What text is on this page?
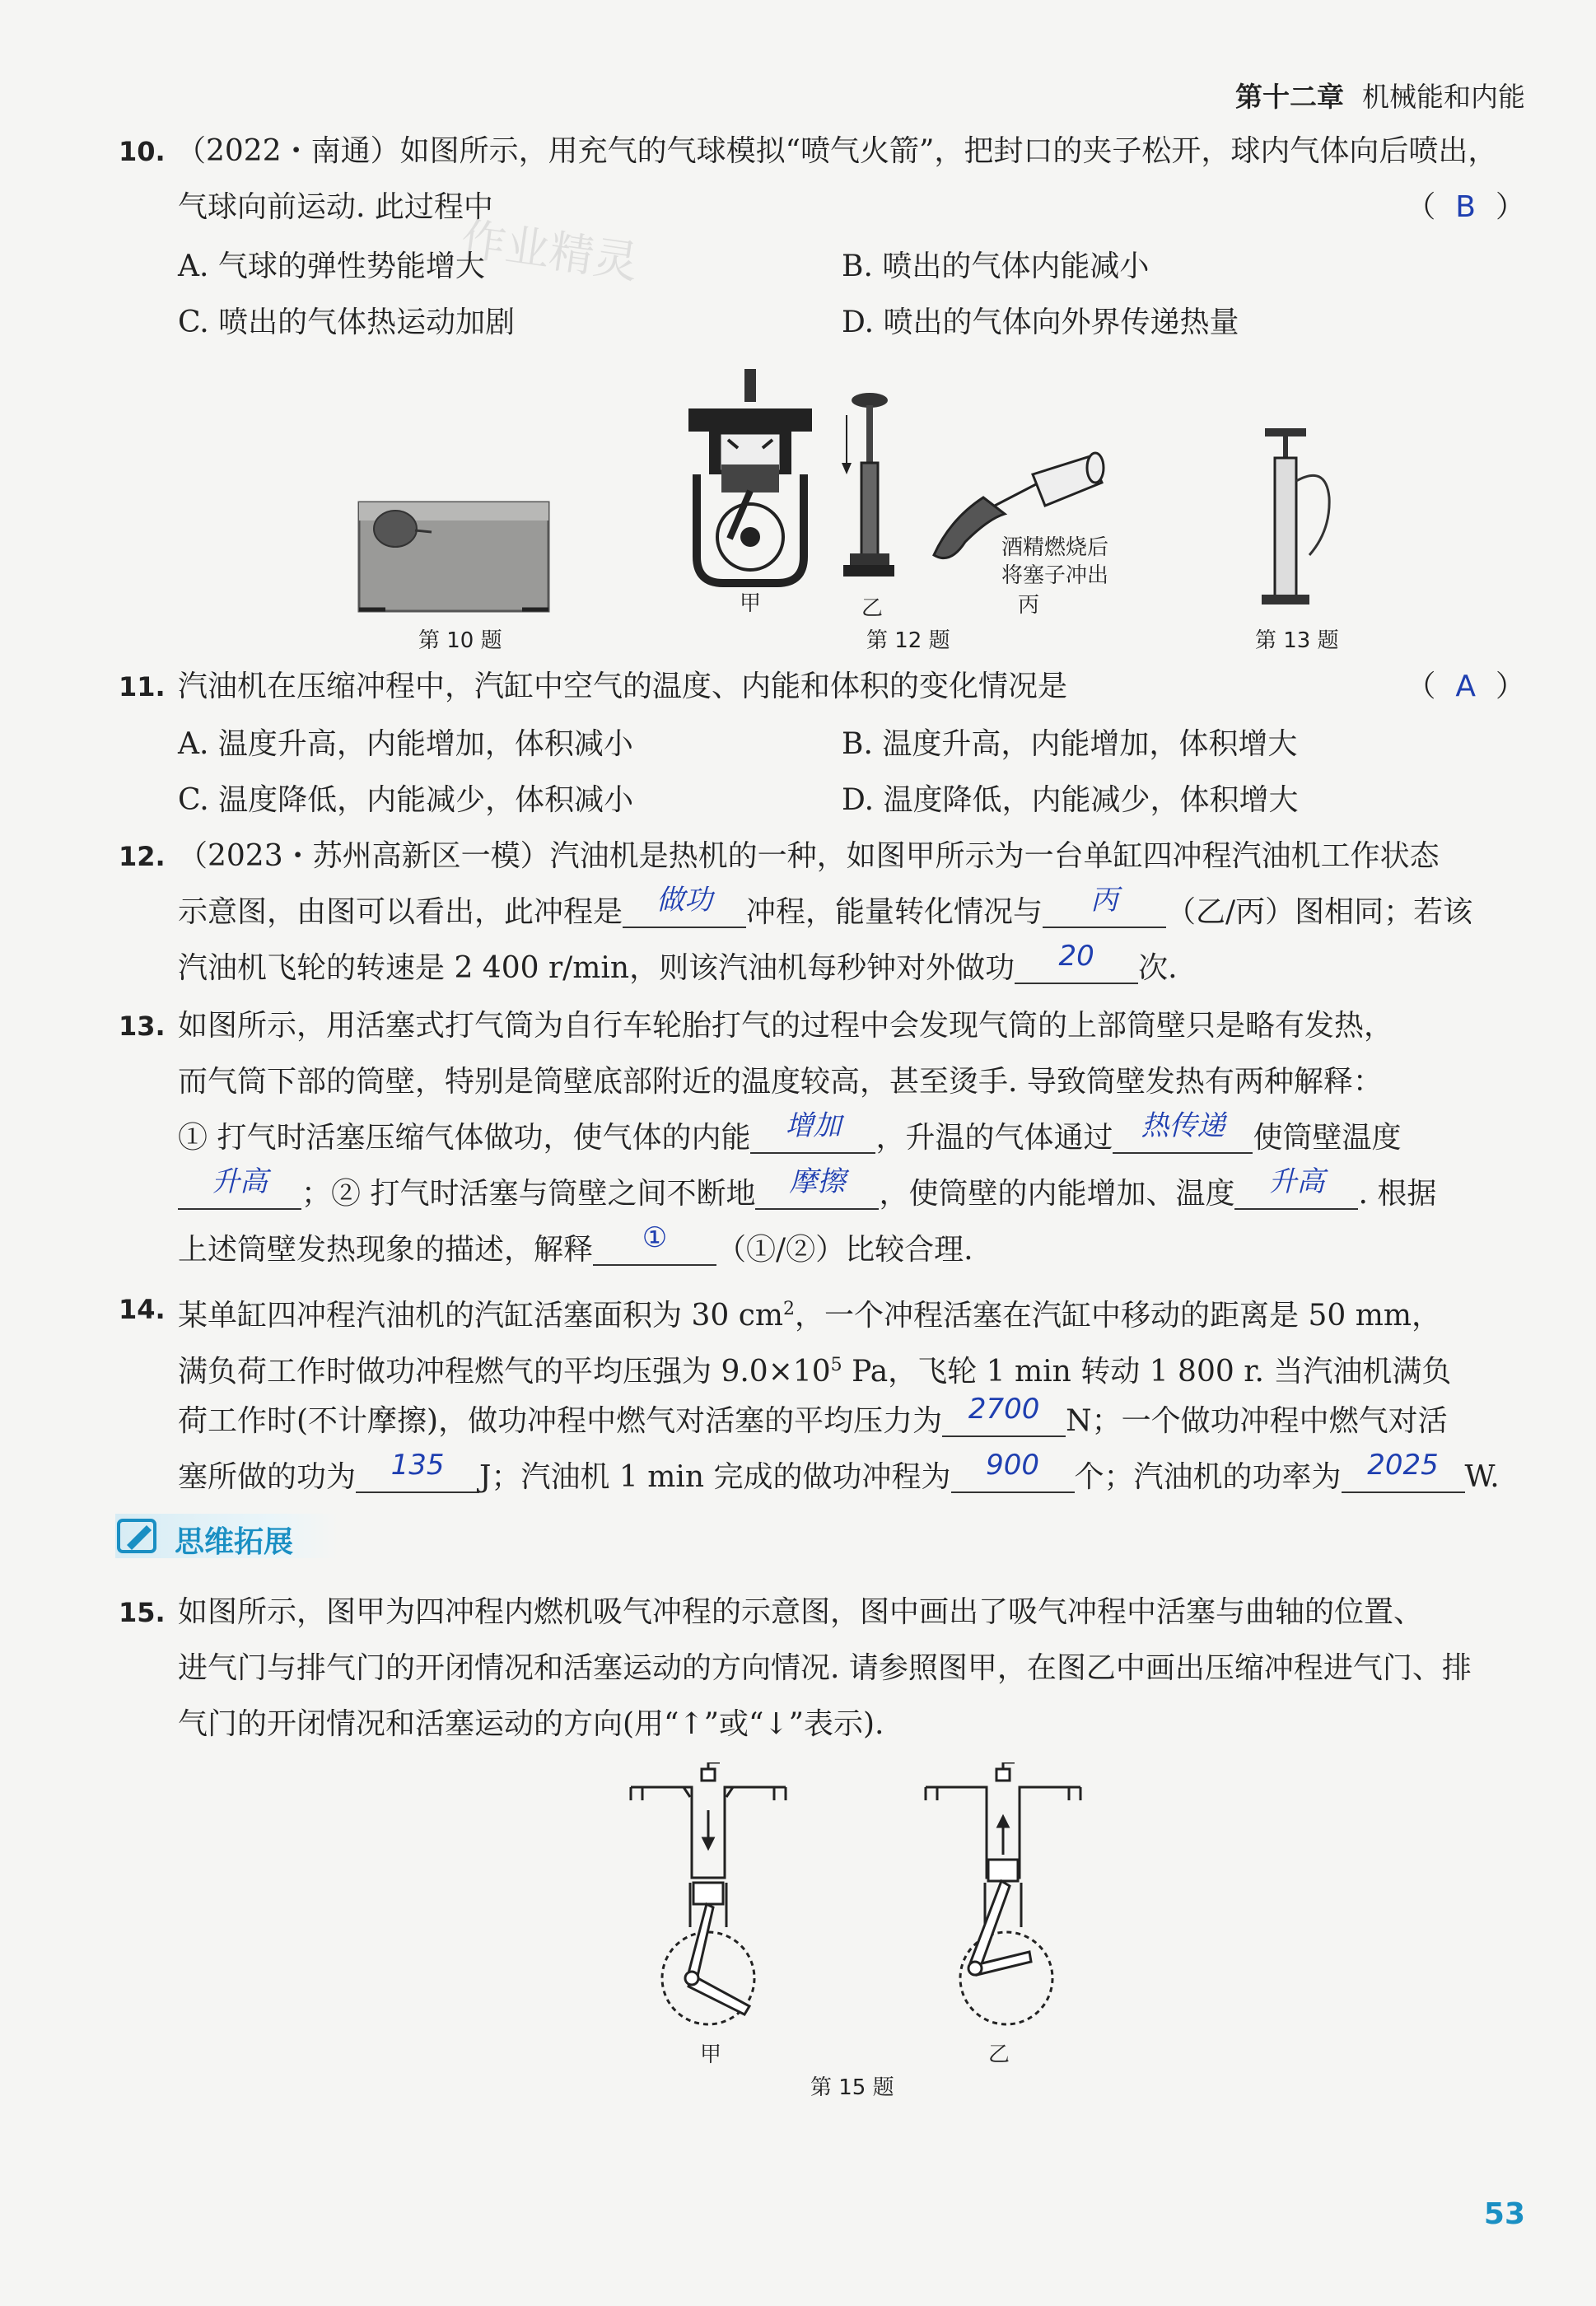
第十二章 机械能和内能
作业精灵
10. （2022・南通）如图所示，用充气的气球模拟“喷气火箭”，把封口的夹子松开，球内气体向后喷出，
气球向前运动. 此过程中	（ B ）
A. 气球的弹性势能增大	B. 喷出的气体内能减小
C. 喷出的气体热运动加剧	D. 喷出的气体向外界传递热量
第 10 题
甲	乙
酒精燃烧后
将塞子冲出
丙
第 12 题	第 13 题
11. 汽油机在压缩冲程中，汽缸中空气的温度、内能和体积的变化情况是	（ A ）
A. 温度升高，内能增加，体积减小	B. 温度升高，内能增加，体积增大
C. 温度降低，内能减少，体积减小	D. 温度降低，内能减少，体积增大
12. （2023・苏州高新区一模）汽油机是热机的一种，如图甲所示为一台单缸四冲程汽油机工作状态
示意图，由图可以看出，此冲程是	做功	冲程，能量转化情况与	丙	（乙/丙）图相同；若该
汽油机飞轮的转速是 2 400 r/min，则该汽油机每秒钟对外做功	20	次.
13. 如图所示，用活塞式打气筒为自行车轮胎打气的过程中会发现气筒的上部筒壁只是略有发热，
而气筒下部的筒壁，特别是筒壁底部附近的温度较高，甚至烫手. 导致筒壁发热有两种解释：
① 打气时活塞压缩气体做功，使气体的内能	增加	，升温的气体通过	热传递 使筒壁温度
升高	；② 打气时活塞与筒壁之间不断地	摩擦	，使筒壁的内能增加、温度	升高	. 根据
上述筒壁发热现象的描述，解释	①	（①/②）比较合理.
14. 某单缸四冲程汽油机的汽缸活塞面积为 30 $cm^2$，一个冲程活塞在汽缸中移动的距离是 50 mm，
满负荷工作时做功冲程燃气的平均压强为 $9.0\times 10^5$ Pa，飞轮 1 min 转动 1 800 r. 当汽油机满负
荷工作时(不计摩擦)，做功冲程中燃气对活塞的平均压力为 2700 N；一个做功冲程中燃气对活
塞所做的功为	135	J；汽油机 1 min 完成的做功冲程为	900	个；汽油机的功率为 2025 W.
思维拓展
15. 如图所示，图甲为四冲程内燃机吸气冲程的示意图，图中画出了吸气冲程中活塞与曲轴的位置、
进气门与排气门的开闭情况和活塞运动的方向情况. 请参照图甲，在图乙中画出压缩冲程进气门、排
气门的开闭情况和活塞运动的方向(用“↑”或“↓”表示).
甲	乙
第 15 题
53
